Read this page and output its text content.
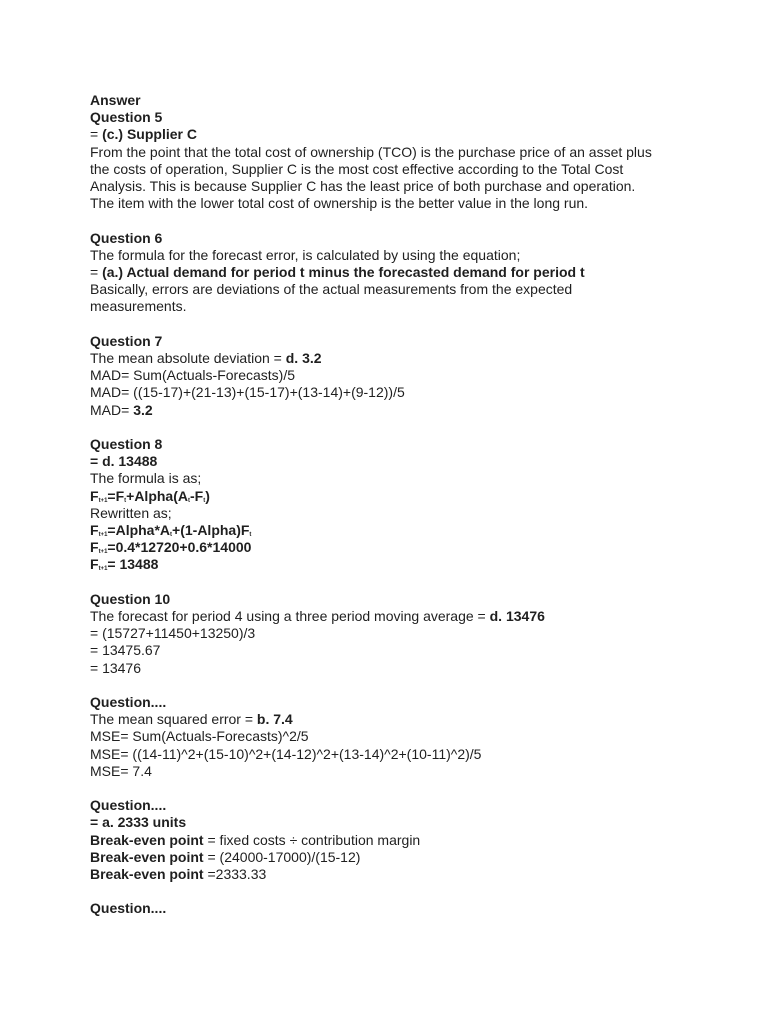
Answer
Question 5
= (c.) Supplier C
From the point that the total cost of ownership (TCO) is the purchase price of an asset plus
the costs of operation, Supplier C is the most cost effective according to the Total Cost
Analysis. This is because Supplier C has the least price of both purchase and operation.
The item with the lower total cost of ownership is the better value in the long run.
Question 6
The formula for the forecast error, is calculated by using the equation;
= (a.) Actual demand for period t minus the forecasted demand for period t
Basically, errors are deviations of the actual measurements from the expected
measurements.
Question 7
The mean absolute deviation = d. 3.2
MAD= Sum(Actuals-Forecasts)/5
MAD= ((15-17)+(21-13)+(15-17)+(13-14)+(9-12))/5
MAD= 3.2
Question 8
= d. 13488
The formula is as;
$F_{t+1}=F_t+Alpha(A_t-F_t)$
Rewritten as;
$F_{t+1}=Alpha*A_t+(1-Alpha)F_t$
$F_{t+1}=0.4*12720+0.6*14000$
$F_{t+1}= 13488$
Question 10
The forecast for period 4 using a three period moving average = d. 13476
= (15727+11450+13250)/3
= 13475.67
= 13476
Question....
The mean squared error = b. 7.4
MSE= Sum(Actuals-Forecasts)^2/5
MSE= ((14-11)^2+(15-10)^2+(14-12)^2+(13-14)^2+(10-11)^2)/5
MSE= 7.4
Question....
= a. 2333 units
Break-even point = fixed costs ÷ contribution margin
Break-even point = (24000-17000)/(15-12)
Break-even point =2333.33
Question....
